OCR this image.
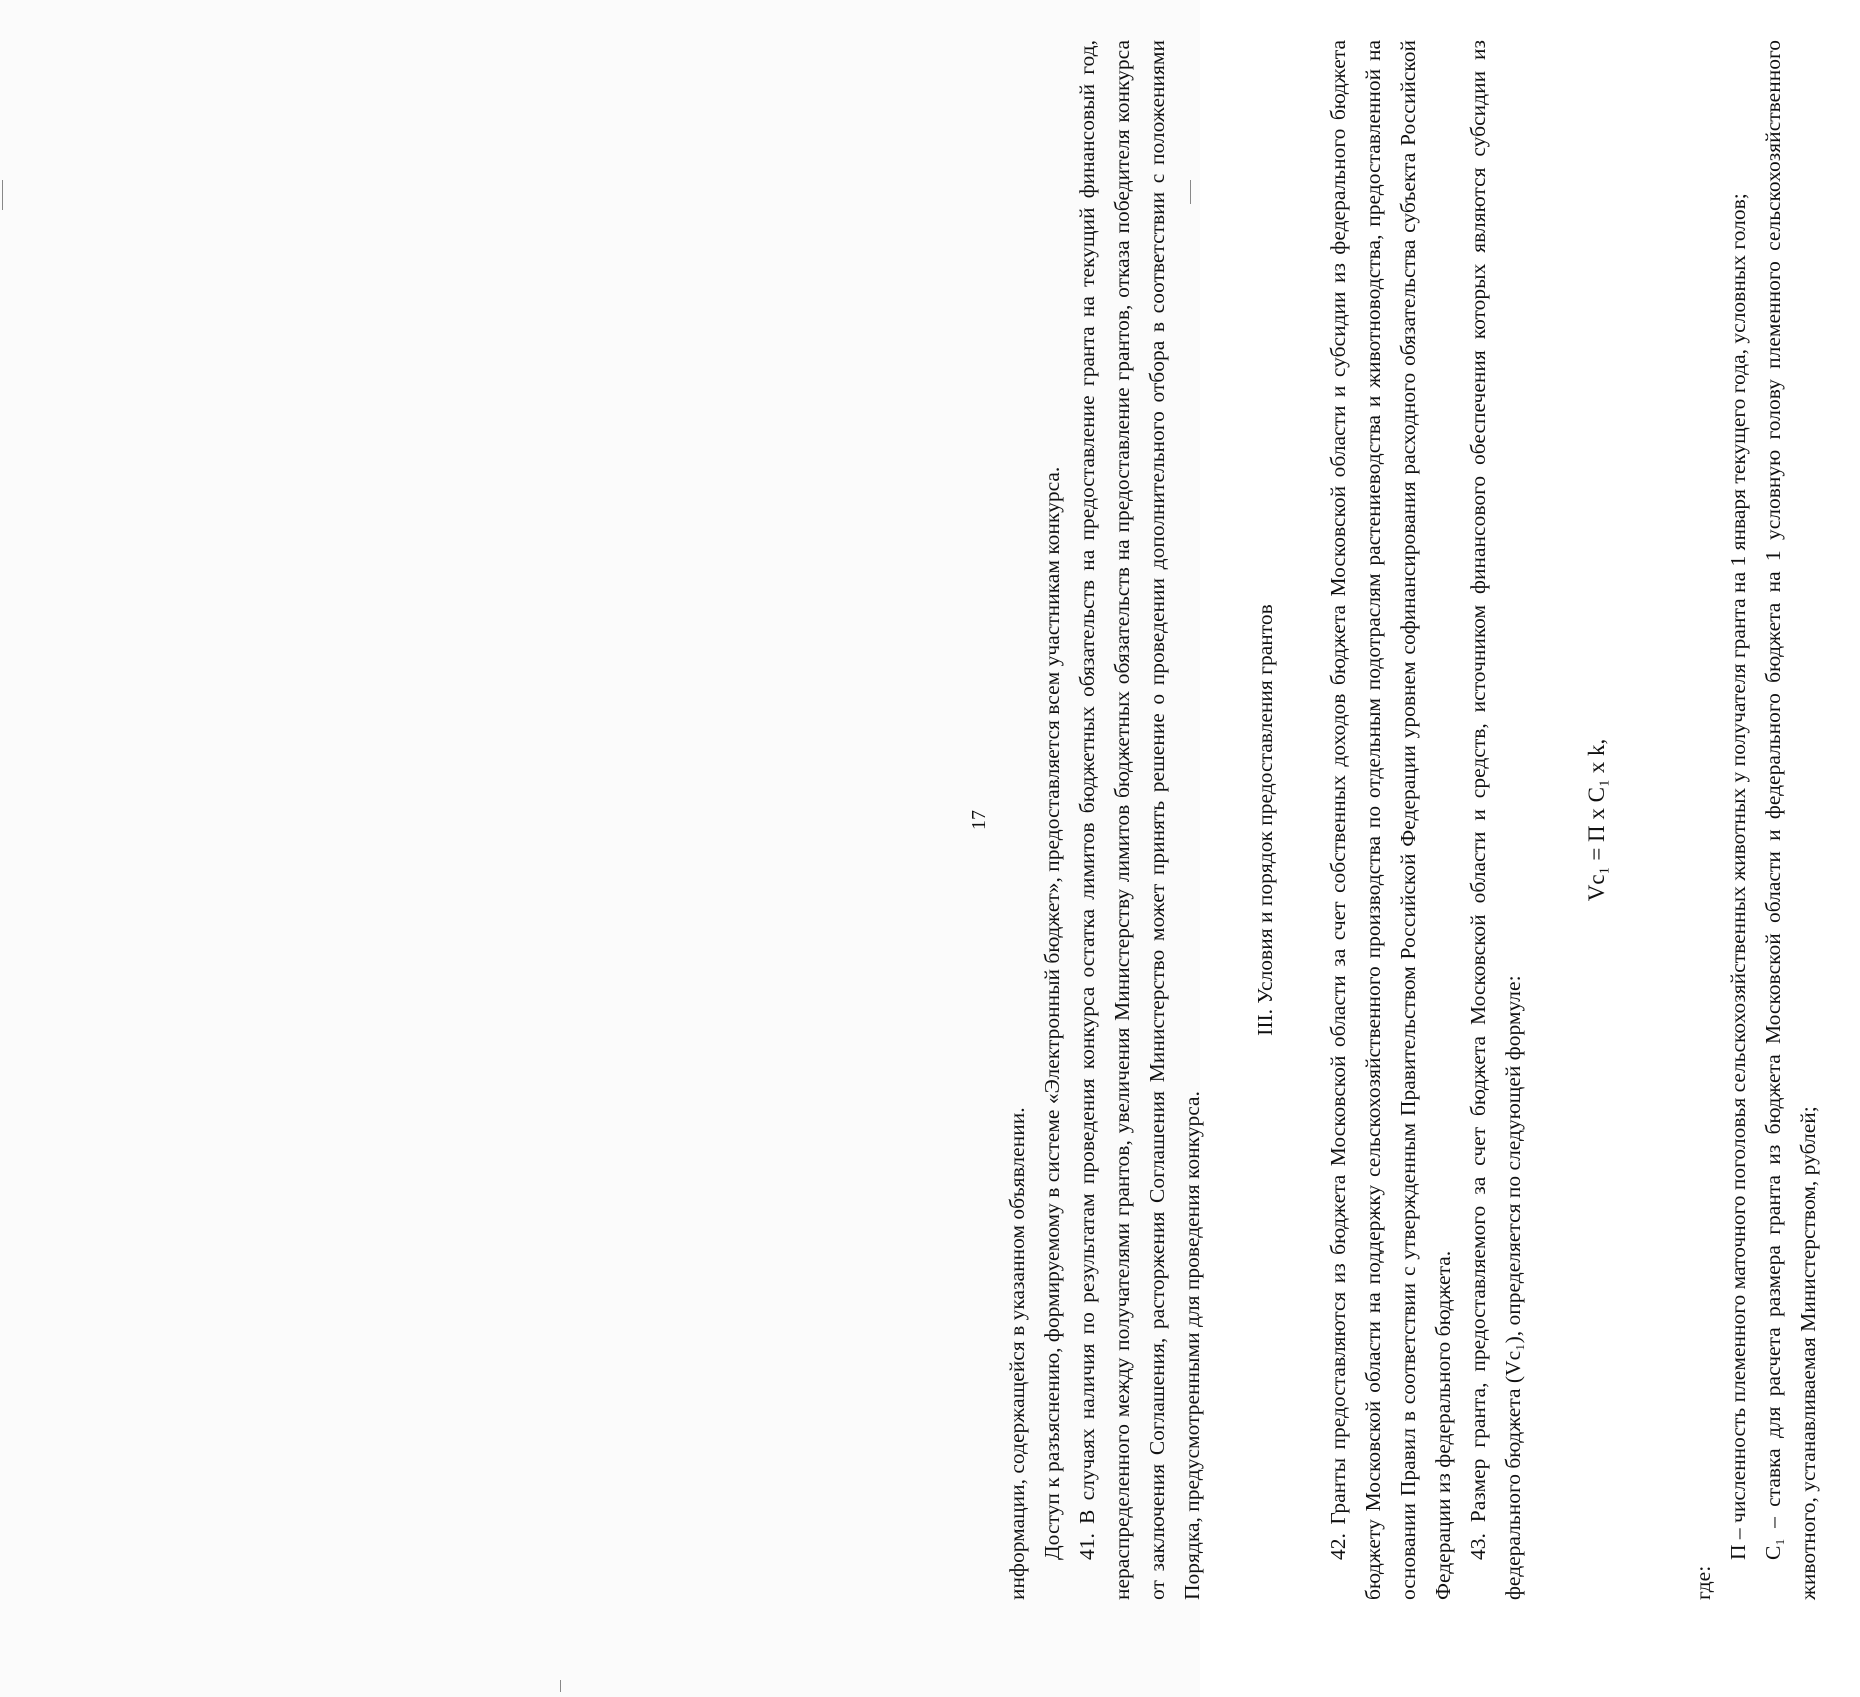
17

информации, содержащейся в указанном объявлении. Доступ к разъяснению, формируемому в системе «Электронный бюджет», предоставляется всем участникам конкурса. 41. В случаях наличия по результатам проведения конкурса остатка лимитов бюджетных обязательств на предоставление гранта на текущий финансовый год, нераспределенного между получателями грантов, увеличения Министерству лимитов бюджетных обязательств на предоставление грантов, отказа победителя конкурса от заключения Соглашения, расторжения Соглашения Министерство может принять решение о проведении дополнительного отбора в соответствии с положениями Порядка, предусмотренными для проведения конкурса.

III. Условия и порядок предоставления грантов 42. Гранты предоставляются из бюджета Московской области за счет собственных доходов бюджета Московской области и субсидии из федерального бюджета бюджету Московской области на поддержку сельскохозяйственного производства по отдельным подотраслям растениеводства и животноводства, предоставленной на основании Правил в соответствии с утвержденным Правительством Российской Федерации уровнем софинансирования расходного обязательства субъекта Российской Федерации из федерального бюджета. 43. Размер гранта, предоставляемого за счет бюджета Московской области и средств, источником финансового обеспечения которых являются субсидии из федерального бюджета (Vc₁), определяется по следующей формуле:

Vc₁ = П x C₁ x k,

где:

П – численность племенного маточного поголовья сельскохозяйственных животных у получателя гранта на 1 января текущего года, условных голов; C₁ – ставка для расчета размера гранта из бюджета Московской области и федерального бюджета на 1 условную голову племенного сельскохозяйственного животного, устанавливаемая Министерством, рублей;
